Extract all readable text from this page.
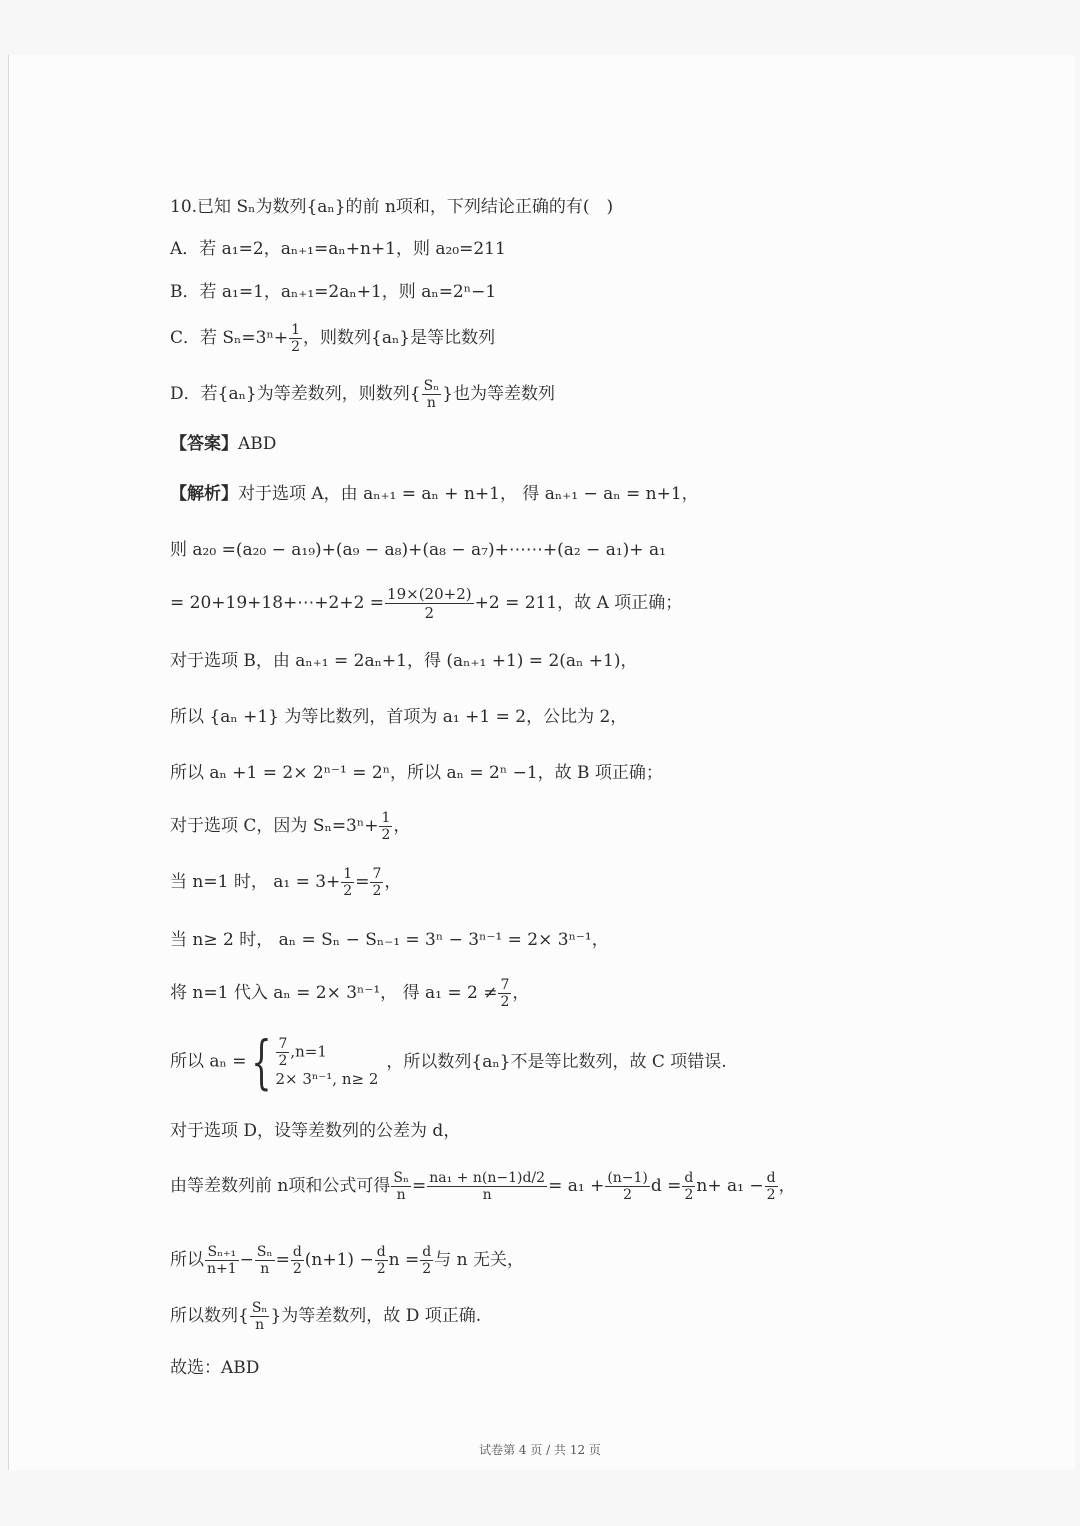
10.已知 Sₙ为数列{aₙ}的前 n项和，下列结论正确的有(　)
A．若 a₁=2，aₙ₊₁=aₙ+n+1，则 a₂₀=211
B．若 a₁=1，aₙ₊₁=2aₙ+1，则 aₙ=2ⁿ−1
C．若 $S_n=3^n+ \frac{1}{2}$ ，则数列{aₙ}是等比数列
D．若{aₙ}为等差数列，则数列{ $\frac{\text{Sₙ}}{n}$ }也为等差数列
【答案】ABD
【解析】对于选项 A，由 aₙ₊₁ = aₙ + n+1， 得 aₙ₊₁ − aₙ = n+1，
则 a₂₀ =(a₂₀ − a₁₉)+(a₉ − a₈)+(a₈ − a₇)+⋯⋯+(a₂ − a₁)+ a₁
= 20+19+18+⋯+2+2 = $\frac{19\times(20+2)}{2} +2 = 211$，故 A 项正确；
对于选项 B，由 aₙ₊₁ = 2aₙ+1，得 (aₙ₊₁ +1) = 2(aₙ +1)，
所以 {aₙ +1} 为等比数列，首项为 a₁ +1 = 2，公比为 2，
所以 aₙ +1 = 2× 2ⁿ⁻¹ = 2ⁿ，所以 aₙ = 2ⁿ −1，故 B 项正确；
对于选项 C，因为 $S_n=3^n+ \frac{1}{2}$ ，
当 n=1 时， $a_1 = 3+ \frac{1}{2} = \frac{7}{2}$ ，
当 n≥ 2 时， aₙ = Sₙ − Sₙ₋₁ = 3ⁿ − 3ⁿ⁻¹ = 2× 3ⁿ⁻¹，
将 n=1 代入 aₙ = 2× 3ⁿ⁻¹， 得 $a_1 = 2 \ne \frac{7}{2}$ ，
所以 aₙ ={ $\frac{7}{2} ,n=1$
2× 3ⁿ⁻¹, n≥ 2
，所以数列{aₙ}不是等比数列，故 C 项错误.
对于选项 D，设等差数列的公差为 d，
由等差数列前 n项和公式可得 $\frac{\text{Sₙ}}{n} = \frac{\text{na₁ + n(n−1)d/2}}{n} = a_1 + \frac{(n-1)}{2}$ $d = \frac{d}{2} n+ a_1 - \frac{d}{2}$ ，
所以 $\frac{\text{Sₙ₊₁}}{n+1} - \frac{\text{Sₙ}}{n} = \frac{d}{2} (n+1) - \frac{d}{2}$ $n = \frac{d}{2}$ 与 n 无关，
所以数列{ $\frac{\text{Sₙ}}{n}$ }为等差数列，故 D 项正确.
故选：ABD
试卷第 4 页 / 共 12 页
